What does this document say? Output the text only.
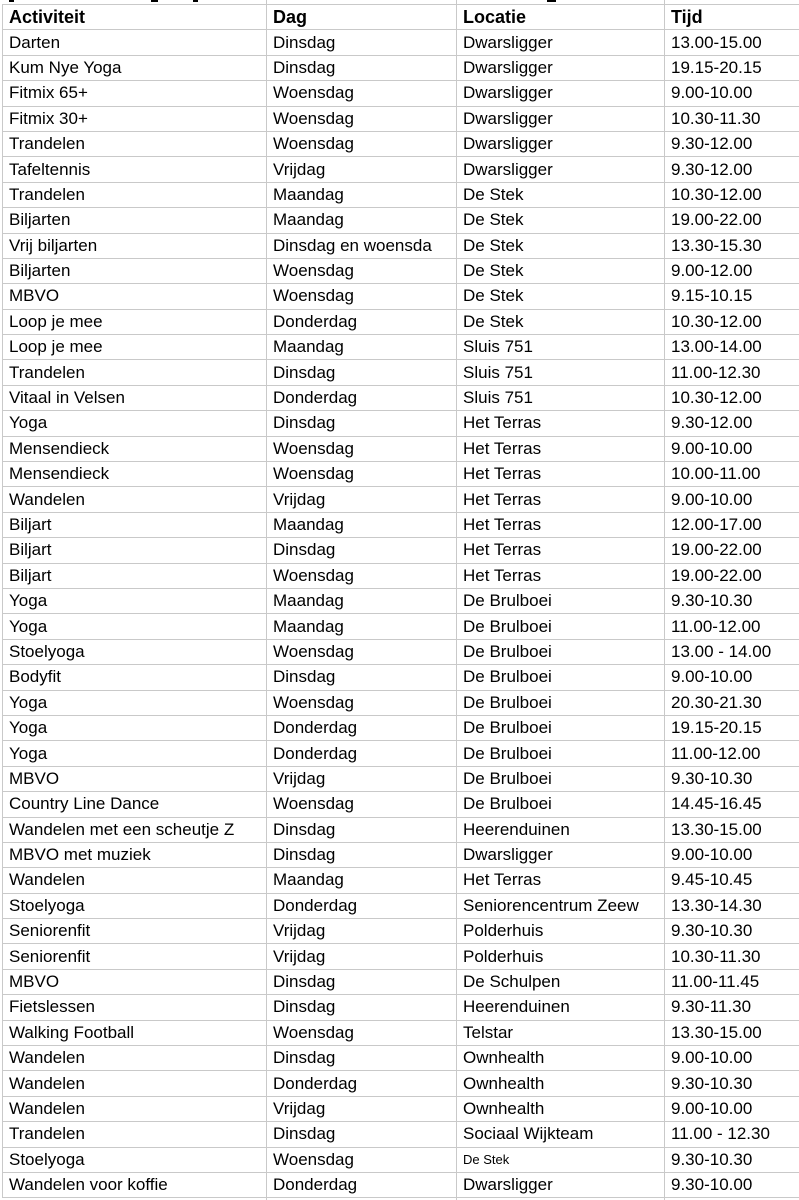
Activiteit	Dag	Locatie	Tijd
Darten	Dinsdag	Dwarsligger	13.00-15.00
Kum Nye Yoga	Dinsdag	Dwarsligger	19.15-20.15
Fitmix 65+	Woensdag	Dwarsligger	9.00-10.00
Fitmix 30+	Woensdag	Dwarsligger	10.30-11.30
Trandelen	Woensdag	Dwarsligger	9.30-12.00
Tafeltennis	Vrijdag	Dwarsligger	9.30-12.00
Trandelen	Maandag	De Stek	10.30-12.00
Biljarten	Maandag	De Stek	19.00-22.00
Vrij biljarten	Dinsdag en woensda	De Stek	13.30-15.30
Biljarten	Woensdag	De Stek	9.00-12.00
MBVO	Woensdag	De Stek	9.15-10.15
Loop je mee	Donderdag	De Stek	10.30-12.00
Loop je mee	Maandag	Sluis 751	13.00-14.00
Trandelen	Dinsdag	Sluis 751	11.00-12.30
Vitaal in Velsen	Donderdag	Sluis 751	10.30-12.00
Yoga	Dinsdag	Het Terras	9.30-12.00
Mensendieck	Woensdag	Het Terras	9.00-10.00
Mensendieck	Woensdag	Het Terras	10.00-11.00
Wandelen	Vrijdag	Het Terras	9.00-10.00
Biljart	Maandag	Het Terras	12.00-17.00
Biljart	Dinsdag	Het Terras	19.00-22.00
Biljart	Woensdag	Het Terras	19.00-22.00
Yoga	Maandag	De Brulboei	9.30-10.30
Yoga	Maandag	De Brulboei	11.00-12.00
Stoelyoga	Woensdag	De Brulboei	13.00 - 14.00
Bodyfit	Dinsdag	De Brulboei	9.00-10.00
Yoga	Woensdag	De Brulboei	20.30-21.30
Yoga	Donderdag	De Brulboei	19.15-20.15
Yoga	Donderdag	De Brulboei	11.00-12.00
MBVO	Vrijdag	De Brulboei	9.30-10.30
Country Line Dance	Woensdag	De Brulboei	14.45-16.45
Wandelen met een scheutje Z	Dinsdag	Heerenduinen	13.30-15.00
MBVO met muziek	Dinsdag	Dwarsligger	9.00-10.00
Wandelen	Maandag	Het Terras	9.45-10.45
Stoelyoga	Donderdag	Seniorencentrum Zeew	13.30-14.30
Seniorenfit	Vrijdag	Polderhuis	9.30-10.30
Seniorenfit	Vrijdag	Polderhuis	10.30-11.30
MBVO	Dinsdag	De Schulpen	11.00-11.45
Fietslessen	Dinsdag	Heerenduinen	9.30-11.30
Walking Football	Woensdag	Telstar	13.30-15.00
Wandelen	Dinsdag	Ownhealth	9.00-10.00
Wandelen	Donderdag	Ownhealth	9.30-10.30
Wandelen	Vrijdag	Ownhealth	9.00-10.00
Trandelen	Dinsdag	Sociaal Wijkteam	11.00 - 12.30
Stoelyoga	Woensdag	De Stek	9.30-10.30
Wandelen voor koffie	Donderdag	Dwarsligger	9.30-10.00
